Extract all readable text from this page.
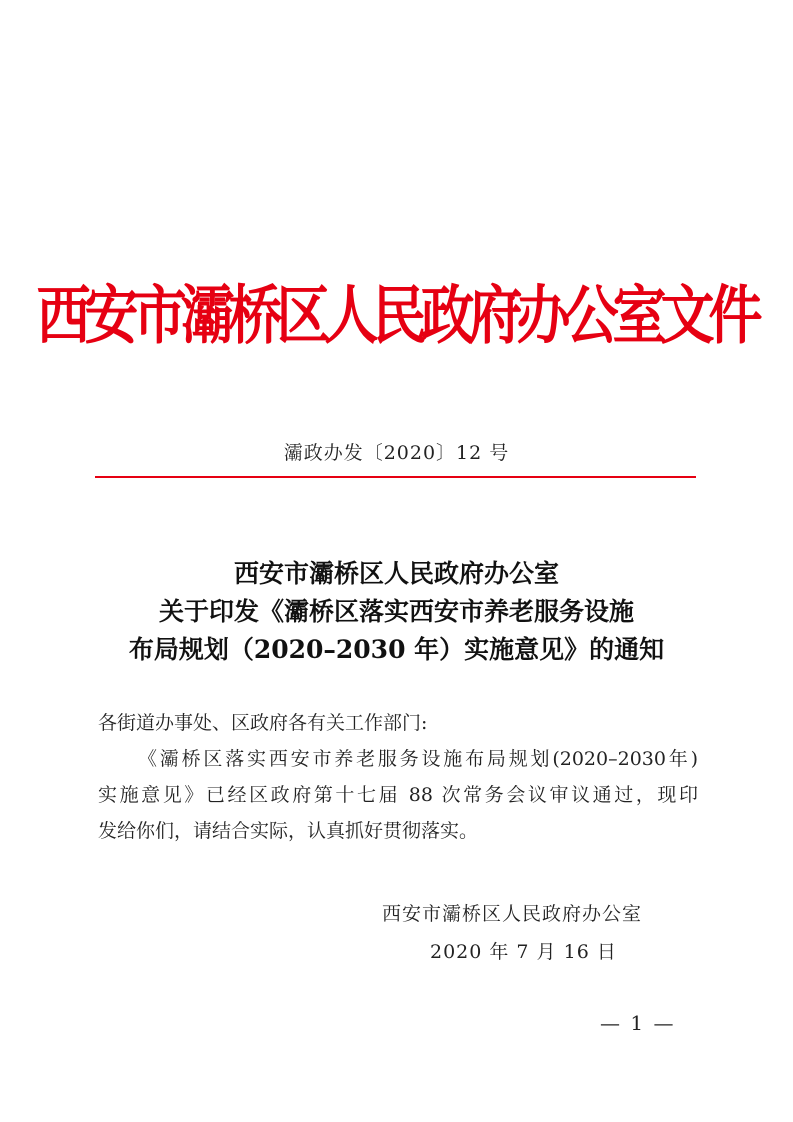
西安市灞桥区人民政府办公室文件
灞政办发〔2020〕12 号
西安市灞桥区人民政府办公室
关于印发《灞桥区落实西安市养老服务设施
布局规划（2020–2030 年）实施意见》的通知
各街道办事处、区政府各有关工作部门:
《灞桥区落实西安市养老服务设施布局规划(2020–2030年)
实施意见》已经区政府第十七届 88 次常务会议审议通过，现印
发给你们，请结合实际，认真抓好贯彻落实。
西安市灞桥区人民政府办公室
2020 年 7 月 16 日
— 1 —
